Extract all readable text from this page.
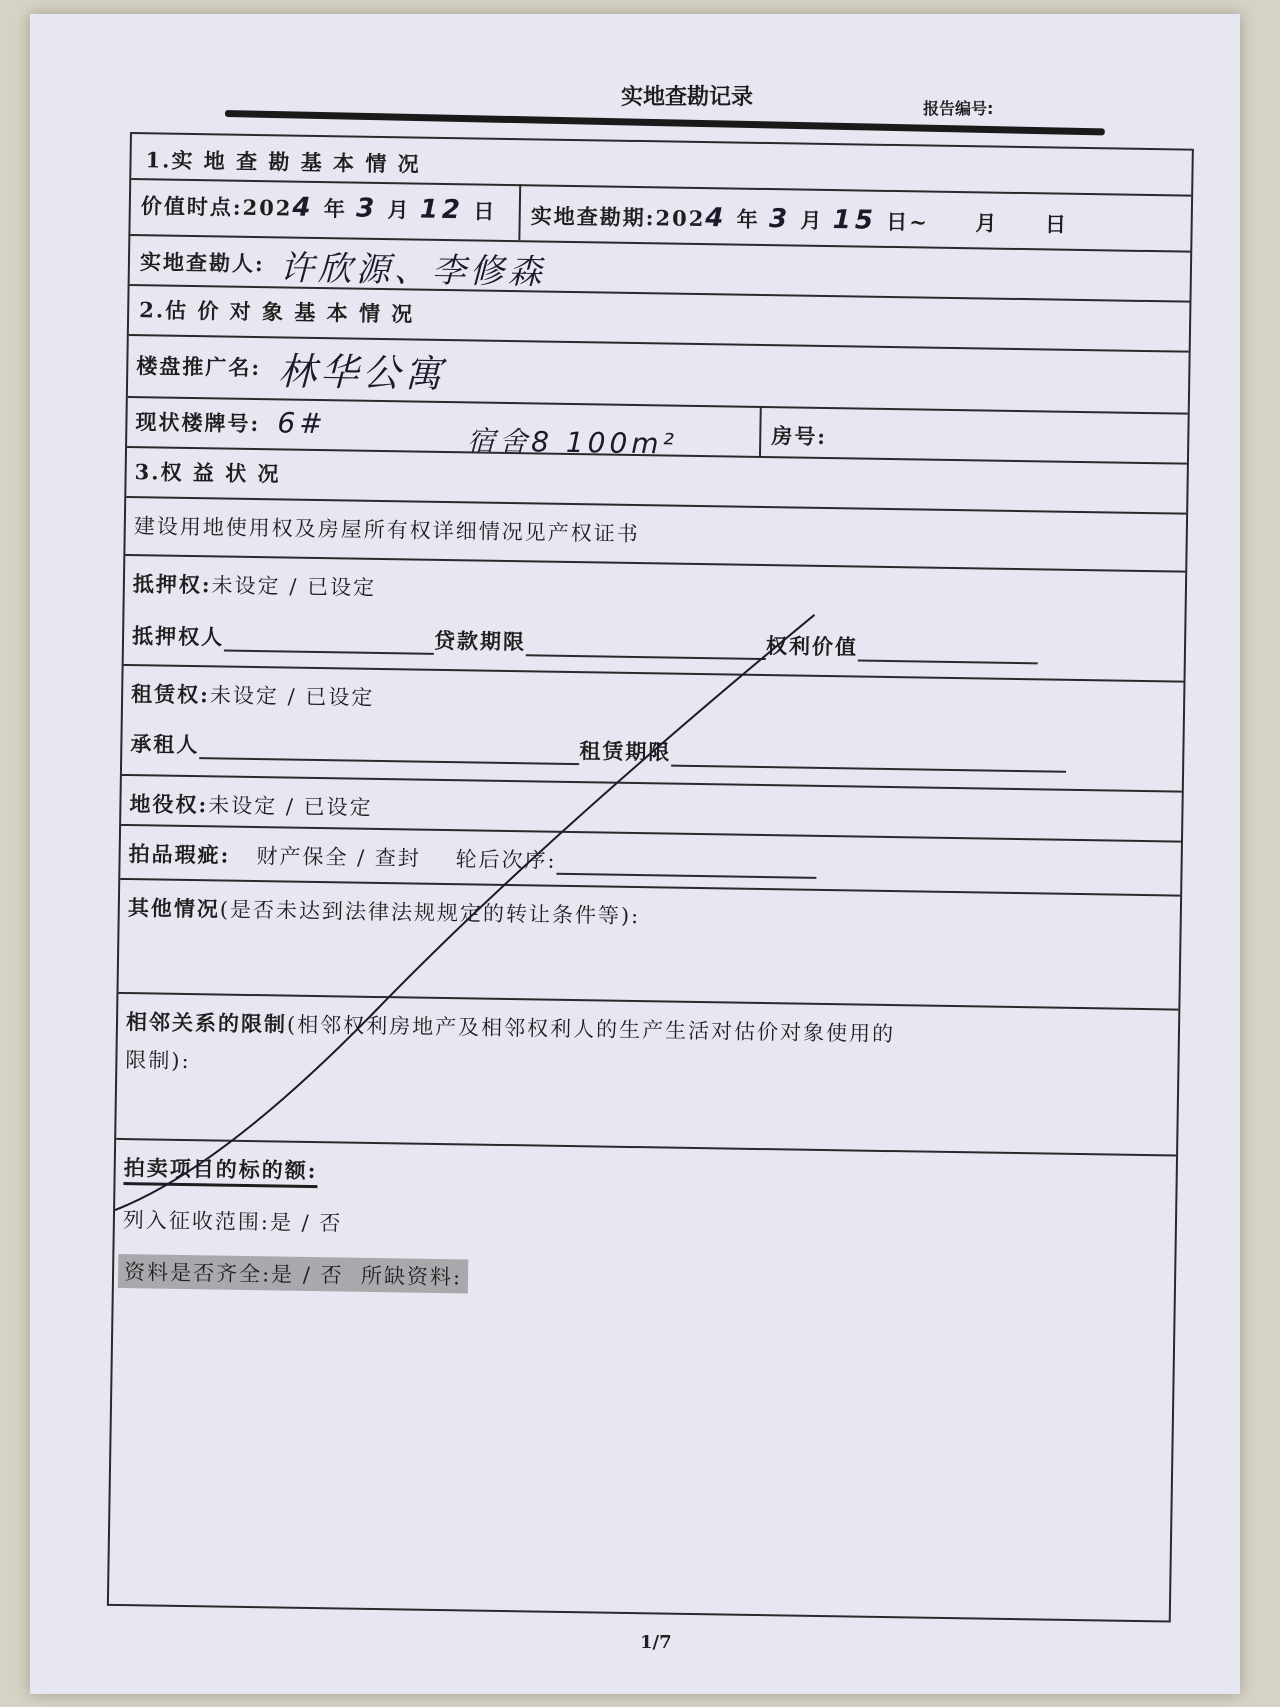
实地查勘记录	报告编号:
1.实 地 查 勘 基 本 情 况
价值时点:2024 年 3 月 12 日 实地查勘期:2024 年 3 月 15 日~ 月 日
实地查勘人: 许欣源、李修森
2.估 价 对 象 基 本 情 况
楼盘推广名: 林华公寓
现状楼牌号: 6#
宿舍8 100m²	房号:
3.权 益 状 况
建设用地使用权及房屋所有权详细情况见产权证书
抵押权:未设定 / 已设定
抵押权人	贷款期限	权利价值
租赁权:未设定 / 已设定
承租人	租赁期限
地役权:未设定 / 已设定
拍品瑕疵: 财产保全 / 查封 轮后次序:
其他情况(是否未达到法律法规规定的转让条件等):
相邻关系的限制(相邻权利房地产及相邻权利人的生产生活对估价对象使用的
限制):
拍卖项目的标的额:
列入征收范围:是 / 否
资料是否齐全:是 / 否 所缺资料:
1/7
